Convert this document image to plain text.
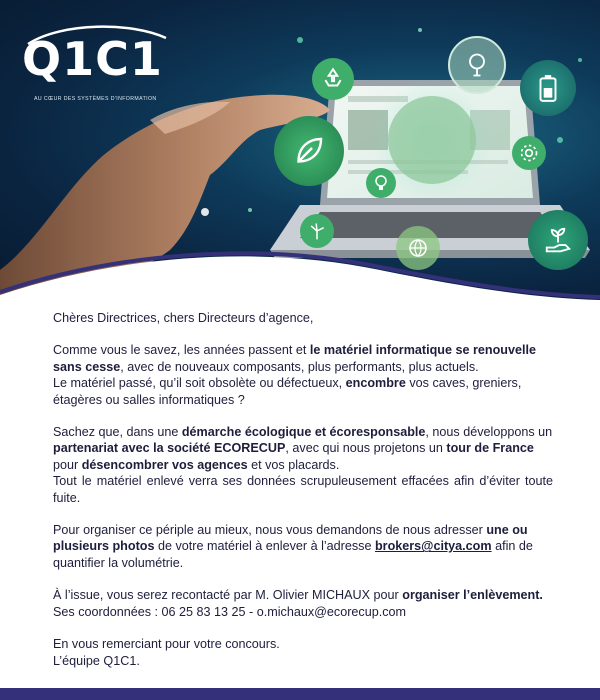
Q1C1
AU CŒUR DES SYSTÈMES D'INFORMATION

Chères Directrices, chers Directeurs d’agence,

Comme vous le savez, les années passent et le matériel informatique se renouvelle sans cesse, avec de nouveaux composants, plus performants, plus actuels.

Le matériel passé, qu’il soit obsolète ou défectueux, encombre vos caves, greniers, étagères ou salles informatiques ?

Sachez que, dans une démarche écologique et écoresponsable, nous développons un partenariat avec la société ECORECUP, avec qui nous projetons un tour de France pour désencombrer vos agences et vos placards.

Tout le matériel enlevé verra ses données scrupuleusement effacées afin d’éviter toute fuite.

Pour organiser ce périple au mieux, nous vous demandons de nous adresser une ou plusieurs photos de votre matériel à enlever à l’adresse brokers@citya.com afin de quantifier la volumétrie.

À l’issue, vous serez recontacté par M. Olivier MICHAUX pour organiser l’enlèvement.
Ses coordonnées : 06 25 83 13 25 - o.michaux@ecorecup.com

En vous remerciant pour votre concours.
L’équipe Q1C1.
